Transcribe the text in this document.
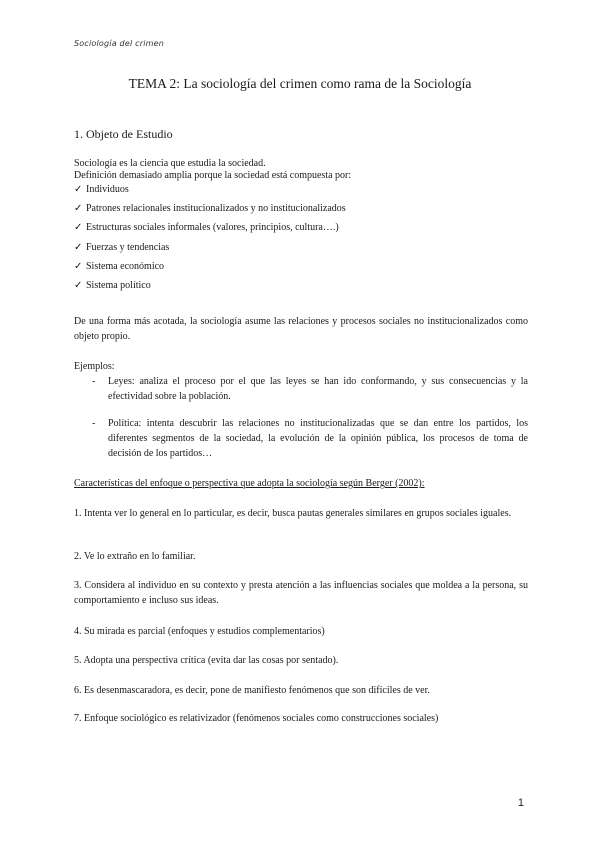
Sociología del crimen
TEMA 2: La sociología del crimen como rama de la Sociología
1. Objeto de Estudio
Sociología es la ciencia que estudia la sociedad.
Definición demasiado amplia porque la sociedad está compuesta por:
✓ Individuos
✓ Patrones relacionales institucionalizados y no institucionalizados
✓ Estructuras sociales informales (valores, principios, cultura….)
✓ Fuerzas y tendencias
✓ Sistema económico
✓ Sistema político
De una forma más acotada, la sociología asume las relaciones y procesos sociales no institucionalizados como objeto propio.
Ejemplos:
- Leyes: analiza el proceso por el que las leyes se han ido conformando, y sus consecuencias y la efectividad sobre la población.
- Política: intenta descubrir las relaciones no institucionalizadas que se dan entre los partidos, los diferentes segmentos de la sociedad, la evolución de la opinión pública, los procesos de toma de decisión de los partidos…
Características del enfoque o perspectiva que adopta la sociología según Berger (2002):
1. Intenta ver lo general en lo particular, es decir, busca pautas generales similares en grupos sociales iguales.
2. Ve lo extraño en lo familiar.
3. Considera al individuo en su contexto y presta atención a las influencias sociales que moldea a la persona, su comportamiento e incluso sus ideas.
4. Su mirada es parcial (enfoques y estudios complementarios)
5. Adopta una perspectiva crítica (evita dar las cosas por sentado).
6. Es desenmascaradora, es decir, pone de manifiesto fenómenos que son difíciles de ver.
7. Enfoque sociológico es relativizador (fenómenos sociales como construcciones sociales)
1
